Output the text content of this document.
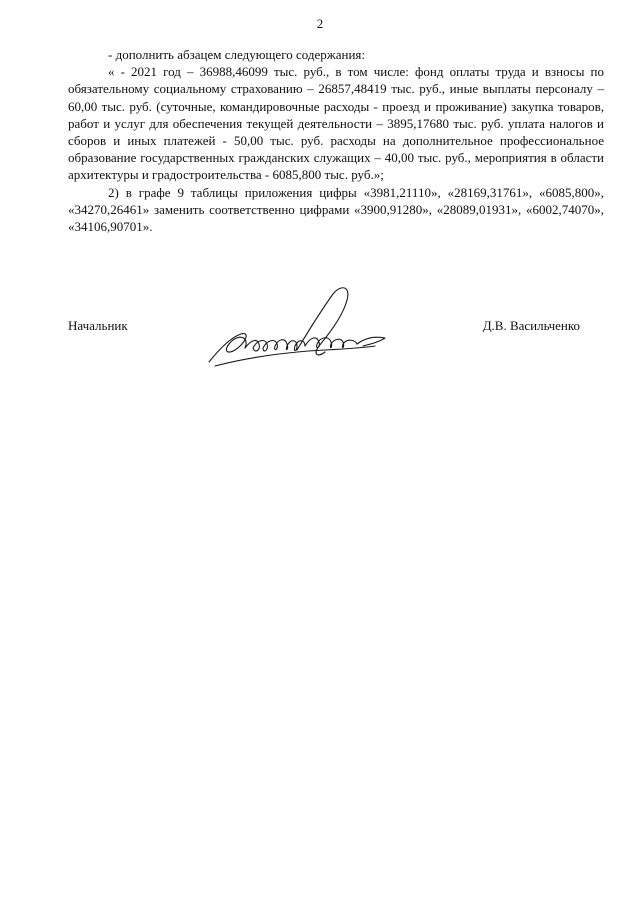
2

- дополнить абзацем следующего содержания:

« - 2021 год – 36988,46099 тыс. руб., в том числе: фонд оплаты труда и взносы по обязательному социальному страхованию – 26857,48419 тыс. руб., иные выплаты персоналу – 60,00 тыс. руб. (суточные, командировочные расходы - проезд и проживание) закупка товаров, работ и услуг для обеспечения текущей деятельности – 3895,17680 тыс. руб. уплата налогов и сборов и иных платежей - 50,00 тыс. руб. расходы на дополнительное профессиональное образование государственных гражданских служащих – 40,00 тыс. руб., мероприятия в области архитектуры и градостроительства - 6085,800 тыс. руб.»;

2) в графе 9 таблицы приложения цифры «3981,21110», «28169,31761», «6085,800», «34270,26461» заменить соответственно цифрами «3900,91280», «28089,01931», «6002,74070», «34106,90701».

Начальник	Д.В. Васильченко
